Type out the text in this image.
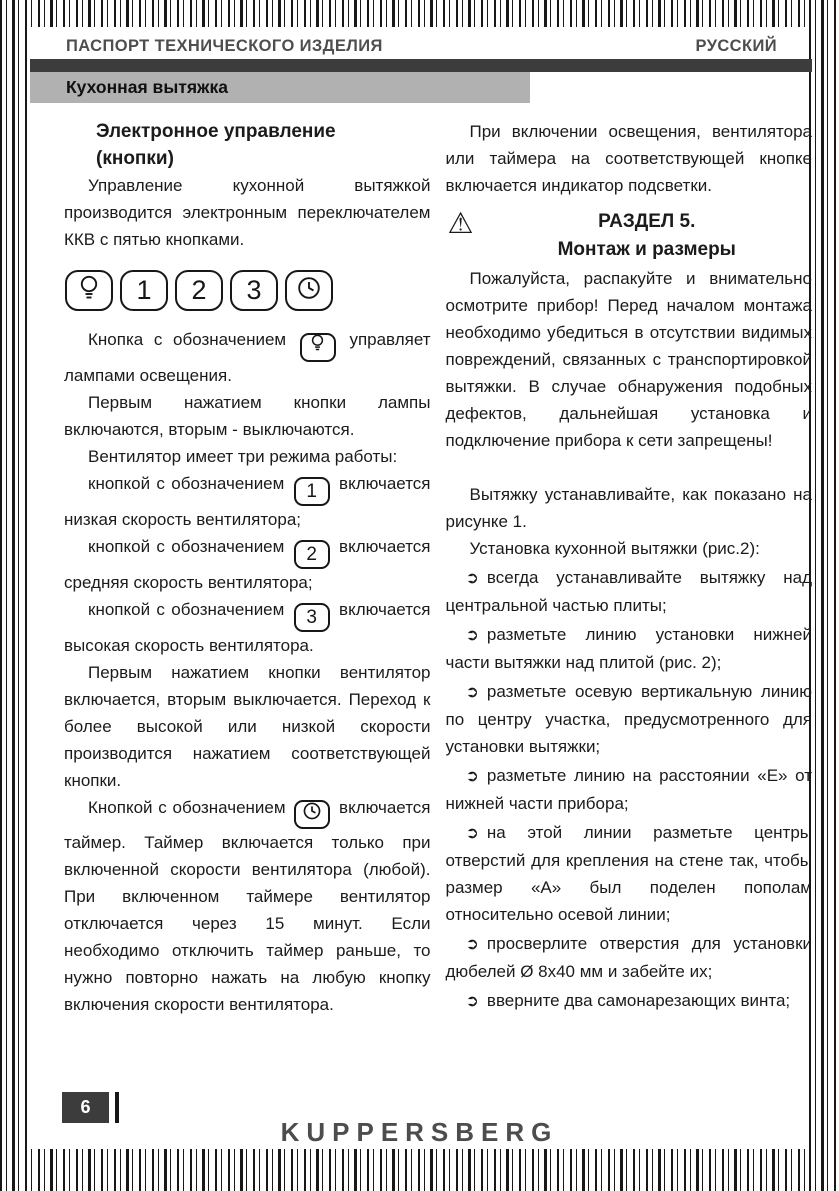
ПАСПОРТ ТЕХНИЧЕСКОГО ИЗДЕЛИЯ	РУССКИЙ
Кухонная вытяжка
Электронное управление
(кнопки)

Управление кухонной вытяжкой производится электронным переключателем ККВ с пятью кнопками.

1 2 3

Кнопка с обозначением
управляет лампами освещения.

Первым нажатием кнопки лампы включаются, вторым - выключаются.

Вентилятор имеет три режима работы:

кнопкой с обозначением 1 включается низкая скорость вентилятора;

кнопкой с обозначением 2 включается средняя скорость вентилятора;

кнопкой с обозначением 3 включается высокая скорость вентилятора.

Первым нажатием кнопки вентилятор включается, вторым выключается. Переход к более высокой или низкой скорости производится нажатием соответствующей кнопки.

Кнопкой с обозначением
включается таймер. Таймер включается только при включенной скорости вентилятора (любой). При включенном таймере вентилятор отключается через 15 минут. Если необходимо отключить таймер раньше, то нужно повторно нажать на любую кнопку включения скорости вентилятора.

При включении освещения, вентилятора или таймера на соответствующей кнопке включается индикатор подсветки.

⚠	РАЗДЕЛ 5.
Монтаж и размеры

Пожалуйста, распакуйте и внимательно осмотрите прибор! Перед началом монтажа необходимо убедиться в отсутствии видимых повреждений, связанных с транспортировкой вытяжки. В случае обнаружения подобных дефектов, дальнейшая установка и подключение прибора к сети запрещены!

Вытяжку устанавливайте, как показано на рисунке 1.

Установка кухонной вытяжки (рис.2):

➲ всегда устанавливайте вытяжку над центральной частью плиты;

➲ разметьте линию установки нижней части вытяжки над плитой (рис. 2);

➲ разметьте осевую вертикальную линию по центру участка, предусмотренного для установки вытяжки;

➲ разметьте линию на расстоянии «Е» от нижней части прибора;

➲ на этой линии разметьте центры отверстий для крепления на стене так, чтобы размер «А» был поделен пополам относительно осевой линии;

➲ просверлите отверстия для установки дюбелей Ø 8х40 мм и забейте их;

➲ вверните два самонарезающих винта;

6
KUPPERSBERG
